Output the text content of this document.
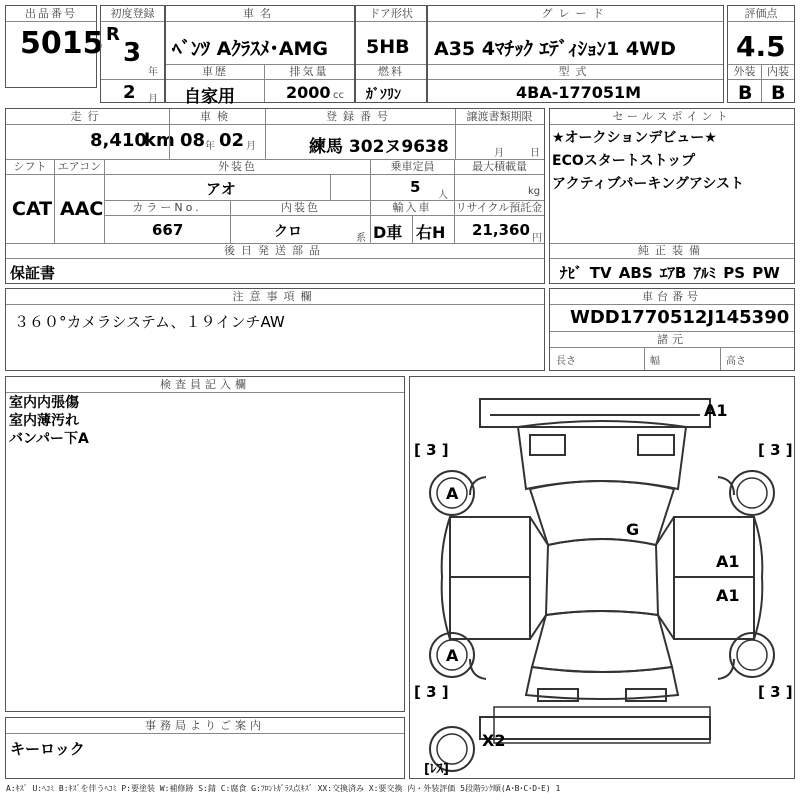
出品番号
5015
初度登録
R
3
年
2 月
車名
ﾍﾞﾝﾂ Aｸﾗｽﾒ･AMG
車歴
自家用
排気量
2000 cc
ドア形状
5HB
燃料
ｶﾞｿﾘﾝ
グレード
A35 4ﾏﾁｯｸ ｴﾃﾞｨｼｮﾝ1 4WD
型式
4BA-177051M
評価点
4.5
外装	内装
B B
走行
8,410
km
車検
08 年 02 月
登録番号
練馬 302ヌ9638
譲渡書類期限
月	日
シフト	エアコン	外装色	乗車定員	最大積載量
CAT AAC
アオ	5 人	kg
カラーNo.	内装色	輸入車	リサイクル預託金
667	クロ	系 D車 右H 21,360 円
後日発送部品
保証書
セールスポイント
★オークションデビュー★
ECOスタートストップ
アクティブパーキングアシスト
純正装備
ﾅﾋﾞ TV ABS ｴｱB ｱﾙﾐ PS PW
注意事項欄
３６０°カメラシステム、１９インチAW
車台番号
WDD1770512J145390
諸元
長さ	幅	高さ
検査員記入欄
室内内張傷
室内薄汚れ
バンパー下A
事務局よりご案内
キーロック
[ 3 ]	[ 3 ]
[ 3 ]	[ 3 ]
A1
A
G
A1
A1
A
X2
[ﾚｽ]
A:ｷｽﾞ U:ﾍｺﾐ B:ｷｽﾞを伴うﾍｺﾐ P:要塗装 W:補修跡 S:錆 C:腐食 G:ﾌﾛﾝﾄｶﾞﾗｽ点ｷｽﾞ XX:交換済み X:要交換 内・外装評価 5段階ﾗﾝｸ順(A･B･C･D･E) 1
